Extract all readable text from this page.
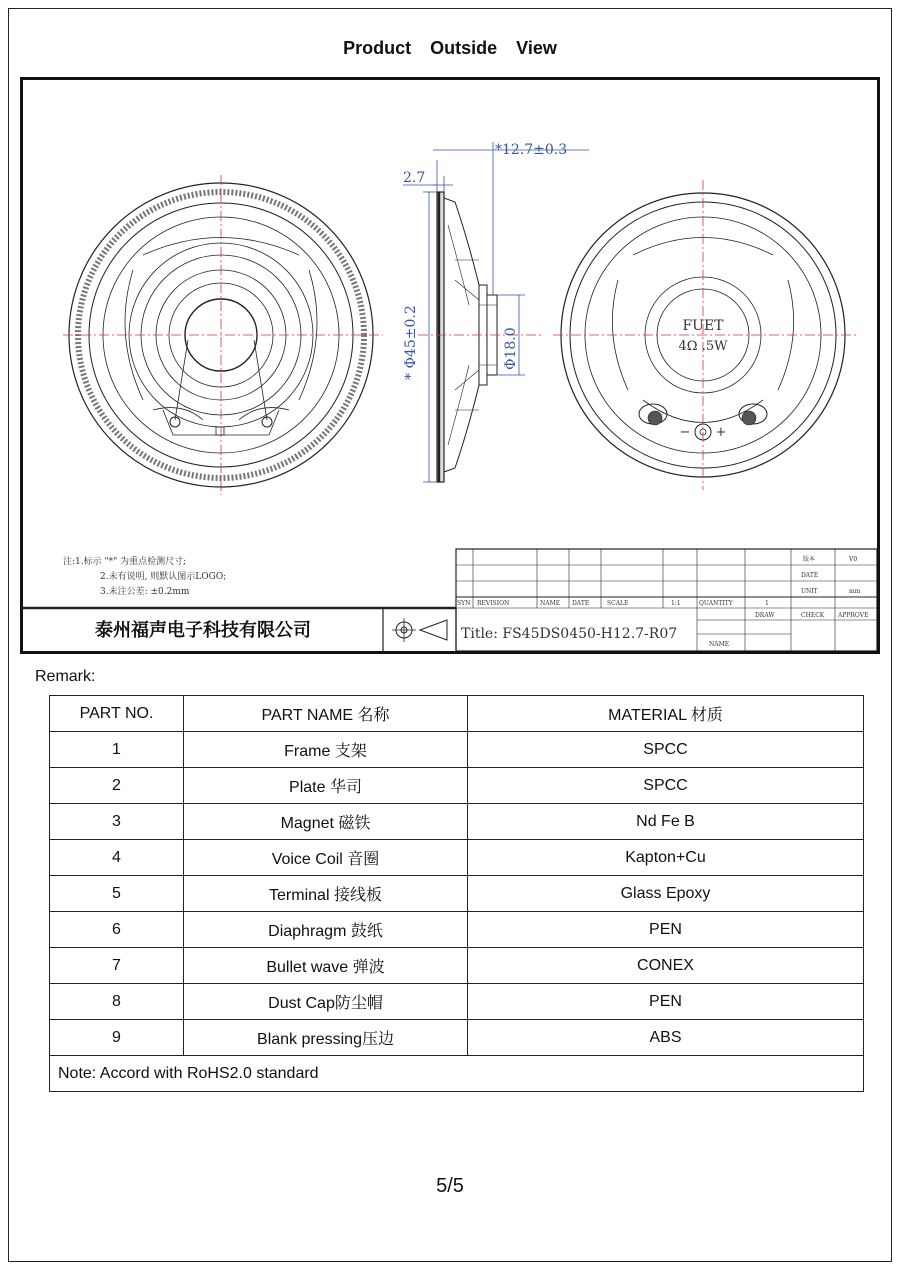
Product Outside View
*12.7±0.3
2.7
* Φ45±0.2	Φ18.0
FUET
4Ω .5W
− +
注:1.标示 "*" 为重点检测尺寸;
2.未有说明, 则默认图示LOGO;
3.未注公差: ±0.2mm
SYN REVISION	NAME DATE	SCALE	1:1	QUANTITY	1
版本	V0
DATE
UNIT	mm
DRAW	CHECK APPROVE
NAME
泰州福声电子科技有限公司	Title: FS45DS0450-H12.7-R07
Remark:
PART NO.	PART NAME 名称	MATERIAL 材质
1	Frame 支架	SPCC
2	Plate 华司	SPCC
3	Magnet 磁铁	Nd Fe B
4	Voice Coil 音圈	Kapton+Cu
5	Terminal 接线板	Glass Epoxy
6	Diaphragm 鼓纸	PEN
7	Bullet wave 弹波	CONEX
8	Dust Cap防尘帽	PEN
9	Blank pressing压边	ABS
Note: Accord with RoHS2.0 standard		
5/5
